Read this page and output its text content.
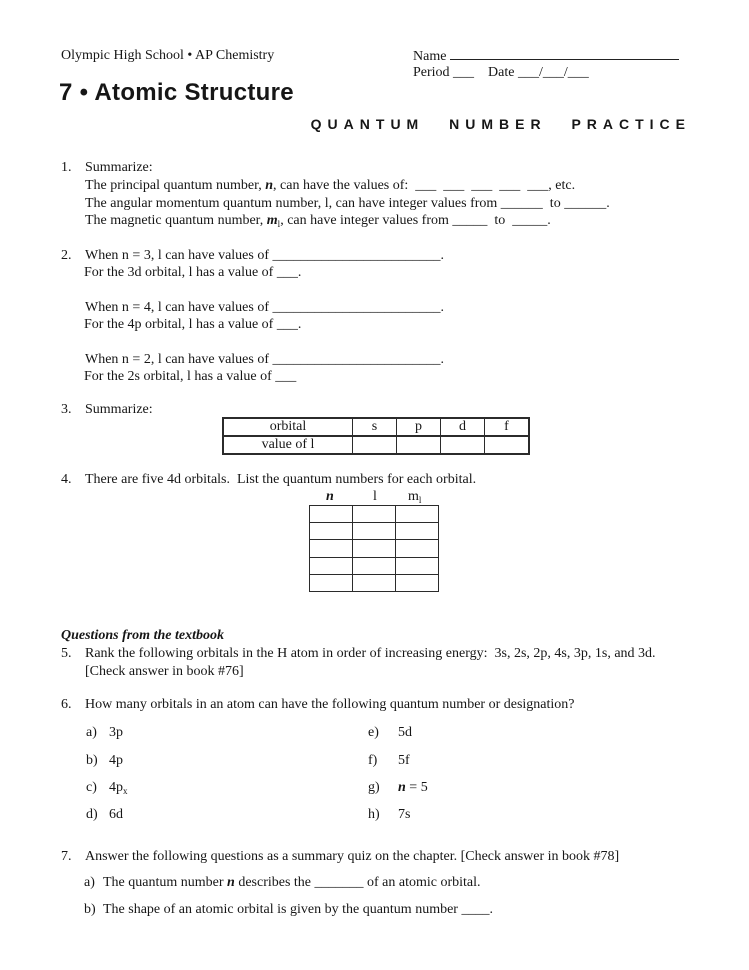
Olympic High School • AP Chemistry	Name
Period ___    Date ___/___/___
7 • Atomic Structure
QUANTUM NUMBER PRACTICE
1. Summarize:
The principal quantum number, n, can have the values of:  ___  ___  ___  ___  ___, etc.
The angular momentum quantum number, l, can have integer values from ______  to ______.
The magnetic quantum number, $m_l$, can have integer values from _____  to  _____.
2. When n = 3, l can have values of ________________________.
For the 3d orbital, l has a value of ___.
When n = 4, l can have values of ________________________.
For the 4p orbital, l has a value of ___.
When n = 2, l can have values of ________________________.
For the 2s orbital, l has a value of ___
3. Summarize:
orbital	s	p	d	f
value of l				
4. There are five 4d orbitals.  List the quantum numbers for each orbital.
n	l $m_l$

Questions from the textbook
5. Rank the following orbitals in the H atom in order of increasing energy:  3s, 2s, 2p, 4s, 3p, 1s, and 3d.
[Check answer in book #76]
6. How many orbitals in an atom can have the following quantum number or designation?
a) 3p
b) 4p
c) $4p_x$
d) 6d
e) 5d
f) 5f
g) n = 5
h) 7s
7. Answer the following questions as a summary quiz on the chapter. [Check answer in book #78]
a) The quantum number n describes the _______ of an atomic orbital.
b) The shape of an atomic orbital is given by the quantum number ____.
